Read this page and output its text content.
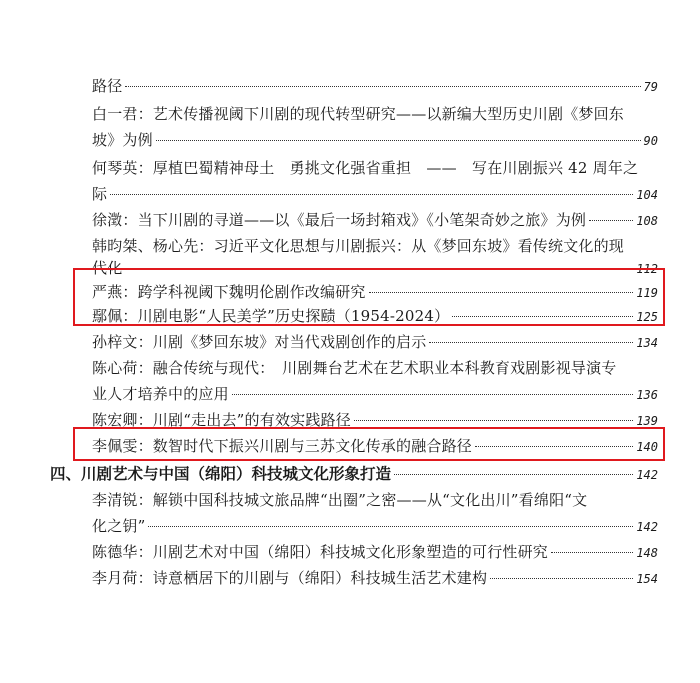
路径	79
白一君：艺术传播视阈下川剧的现代转型研究——以新编大型历史川剧《梦回东
坡》为例	90
何琴英：厚植巴蜀精神母土　勇挑文化强省重担　——　写在川剧振兴 42 周年之
际	104
徐澂：当下川剧的寻道——以《最后一场封箱戏》《小笔架奇妙之旅》为例	108
韩昀桀、杨心先：习近平文化思想与川剧振兴：从《梦回东坡》看传统文化的现
代化	112
严燕：跨学科视阈下魏明伦剧作改编研究	119
鄢佩：川剧电影“人民美学”历史探赜（1954-2024）	125
孙梓文：川剧《梦回东坡》对当代戏剧创作的启示	134
陈心荷：融合传统与现代：　川剧舞台艺术在艺术职业本科教育戏剧影视导演专
业人才培养中的应用	136
陈宏卿：川剧“走出去”的有效实践路径	139
李佩雯：数智时代下振兴川剧与三苏文化传承的融合路径	140
四、川剧艺术与中国（绵阳）科技城文化形象打造	142
李清锐：解锁中国科技城文旅品牌“出圈”之密——从“文化出川”看绵阳“文
化之钥”	142
陈德华：川剧艺术对中国（绵阳）科技城文化形象塑造的可行性研究	148
李月荷：诗意栖居下的川剧与（绵阳）科技城生活艺术建构	154
